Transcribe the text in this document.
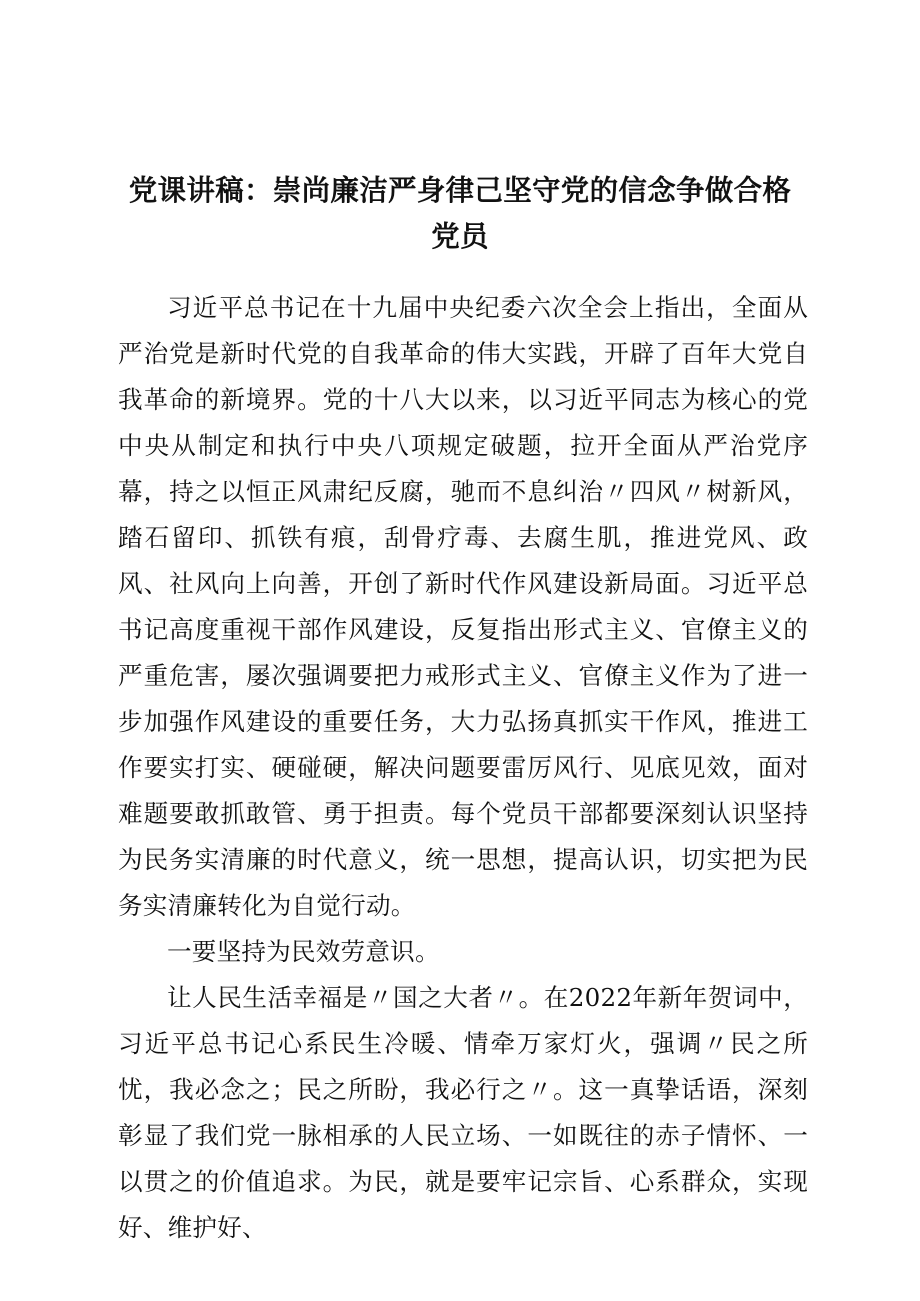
党课讲稿：崇尚廉洁严身律己坚守党的信念争做合格党员

习近平总书记在十九届中央纪委六次全会上指出，全面从严治党是新时代党的自我革命的伟大实践，开辟了百年大党自我革命的新境界。党的十八大以来，以习近平同志为核心的党中央从制定和执行中央八项规定破题，拉开全面从严治党序幕，持之以恒正风肃纪反腐，驰而不息纠治〃四风〃树新风，踏石留印、抓铁有痕，刮骨疗毒、去腐生肌，推进党风、政风、社风向上向善，开创了新时代作风建设新局面。习近平总书记高度重视干部作风建设，反复指出形式主义、官僚主义的严重危害，屡次强调要把力戒形式主义、官僚主义作为了进一步加强作风建设的重要任务，大力弘扬真抓实干作风，推进工作要实打实、硬碰硬，解决问题要雷厉风行、见底见效，面对难题要敢抓敢管、勇于担责。每个党员干部都要深刻认识坚持为民务实清廉的时代意义，统一思想，提高认识，切实把为民务实清廉转化为自觉行动。

一要坚持为民效劳意识。

让人民生活幸福是〃国之大者〃。在2022年新年贺词中，习近平总书记心系民生冷暖、情牵万家灯火，强调〃民之所忧，我必念之；民之所盼，我必行之〃。这一真挚话语，深刻彰显了我们党一脉相承的人民立场、一如既往的赤子情怀、一以贯之的价值追求。为民，就是要牢记宗旨、心系群众，实现好、维护好、
